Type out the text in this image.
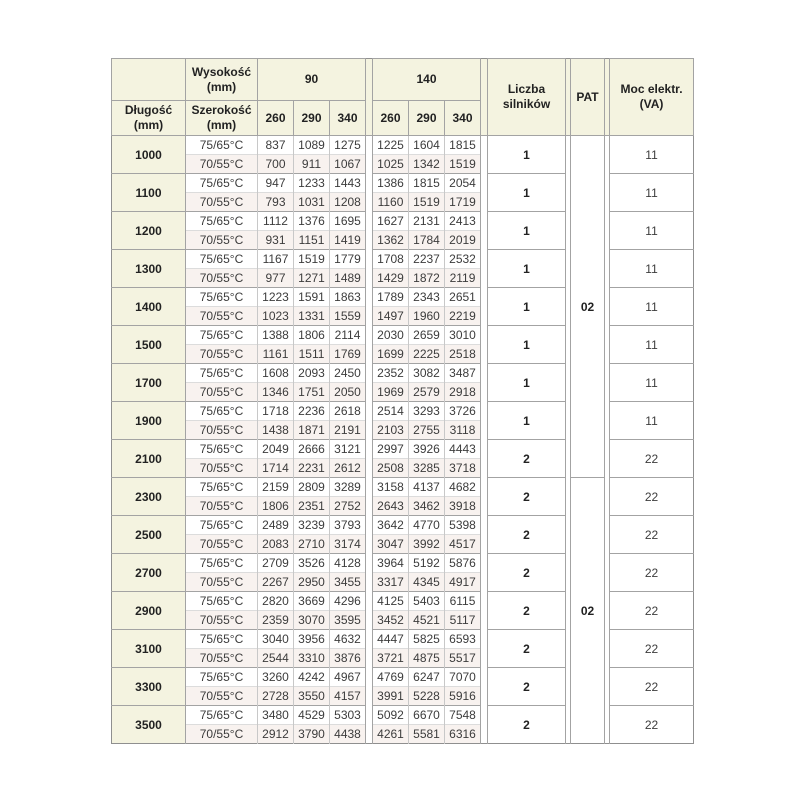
	Wysokość (mm)	90				140				Liczba silników		PAT		Moc elektr. (VA)
Długość (mm)	Szerokość (mm)	260	290	340		260	290	340						
1000	75/65°C	837	1089	1275		1225	1604	1815		1		02		11
	70/55°C	700	911	1067		1025	1342	1519						
1100	75/65°C	947	1233	1443		1386	1815	2054		1				11
	70/55°C	793	1031	1208		1160	1519	1719						
1200	75/65°C	1112	1376	1695		1627	2131	2413		1				11
	70/55°C	931	1151	1419		1362	1784	2019						
1300	75/65°C	1167	1519	1779		1708	2237	2532		1				11
	70/55°C	977	1271	1489		1429	1872	2119						
1400	75/65°C	1223	1591	1863		1789	2343	2651		1				11
	70/55°C	1023	1331	1559		1497	1960	2219						
1500	75/65°C	1388	1806	2114		2030	2659	3010		1				11
	70/55°C	1161	1511	1769		1699	2225	2518						
1700	75/65°C	1608	2093	2450		2352	3082	3487		1				11
	70/55°C	1346	1751	2050		1969	2579	2918						
1900	75/65°C	1718	2236	2618		2514	3293	3726		1				11
	70/55°C	1438	1871	2191		2103	2755	3118						
2100	75/65°C	2049	2666	3121		2997	3926	4443		2				22
	70/55°C	1714	2231	2612		2508	3285	3718						
2300	75/65°C	2159	2809	3289		3158	4137	4682		2		02		22
	70/55°C	1806	2351	2752		2643	3462	3918						
2500	75/65°C	2489	3239	3793		3642	4770	5398		2				22
	70/55°C	2083	2710	3174		3047	3992	4517						
2700	75/65°C	2709	3526	4128		3964	5192	5876		2				22
	70/55°C	2267	2950	3455		3317	4345	4917						
2900	75/65°C	2820	3669	4296		4125	5403	6115		2				22
	70/55°C	2359	3070	3595		3452	4521	5117						
3100	75/65°C	3040	3956	4632		4447	5825	6593		2				22
	70/55°C	2544	3310	3876		3721	4875	5517						
3300	75/65°C	3260	4242	4967		4769	6247	7070		2				22
	70/55°C	2728	3550	4157		3991	5228	5916						
3500	75/65°C	3480	4529	5303		5092	6670	7548		2				22
	70/55°C	2912	3790	4438		4261	5581	6316						
